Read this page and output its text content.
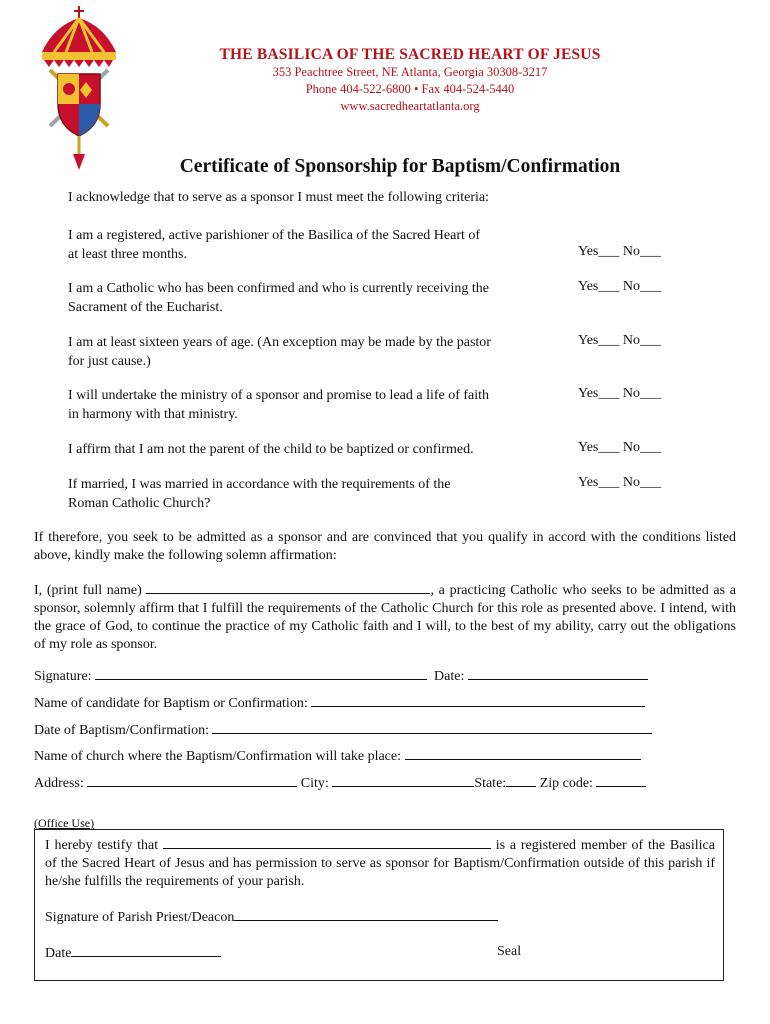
THE BASILICA OF THE SACRED HEART OF JESUS
353 Peachtree Street, NE Atlanta, Georgia 30308-3217
Phone 404-522-6800 • Fax 404-524-5440
www.sacredheartatlanta.org
Certificate of Sponsorship for Baptism/Confirmation
I acknowledge that to serve as a sponsor I must meet the following criteria:
I am a registered, active parishioner of the Basilica of the Sacred Heart of
at least three months.	Yes___ No___
I am a Catholic who has been confirmed and who is currently receiving the
Sacrament of the Eucharist.
Yes___ No___
I am at least sixteen years of age. (An exception may be made by the pastor
for just cause.)
Yes___ No___
I will undertake the ministry of a sponsor and promise to lead a life of faith
in harmony with that ministry.
Yes___ No___
I affirm that I am not the parent of the child to be baptized or confirmed.	Yes___ No___
If married, I was married in accordance with the requirements of the
Roman Catholic Church?
Yes___ No___
If therefore, you seek to be admitted as a sponsor and are convinced that you qualify in accord with the conditions listed above, kindly make the following solemn affirmation:
I, (print full name)	, a practicing Catholic who seeks to be admitted as a sponsor, solemnly affirm that I fulfill the requirements of the Catholic Church for this role as presented above. I intend, with the grace of God, to continue the practice of my Catholic faith and I will, to the best of my ability, carry out the obligations of my role as sponsor.
Signature:	Date:
Name of candidate for Baptism or Confirmation:
Date of Baptism/Confirmation:
Name of church where the Baptism/Confirmation will take place:
Address:	City:	State: Zip code:
(Office Use)
I hereby testify that	is a registered member of the Basilica of the Sacred Heart of Jesus and has permission to serve as sponsor for Baptism/Confirmation outside of this parish if he/she fulfills the requirements of your parish.
Signature of Parish Priest/Deacon
Date	Seal
